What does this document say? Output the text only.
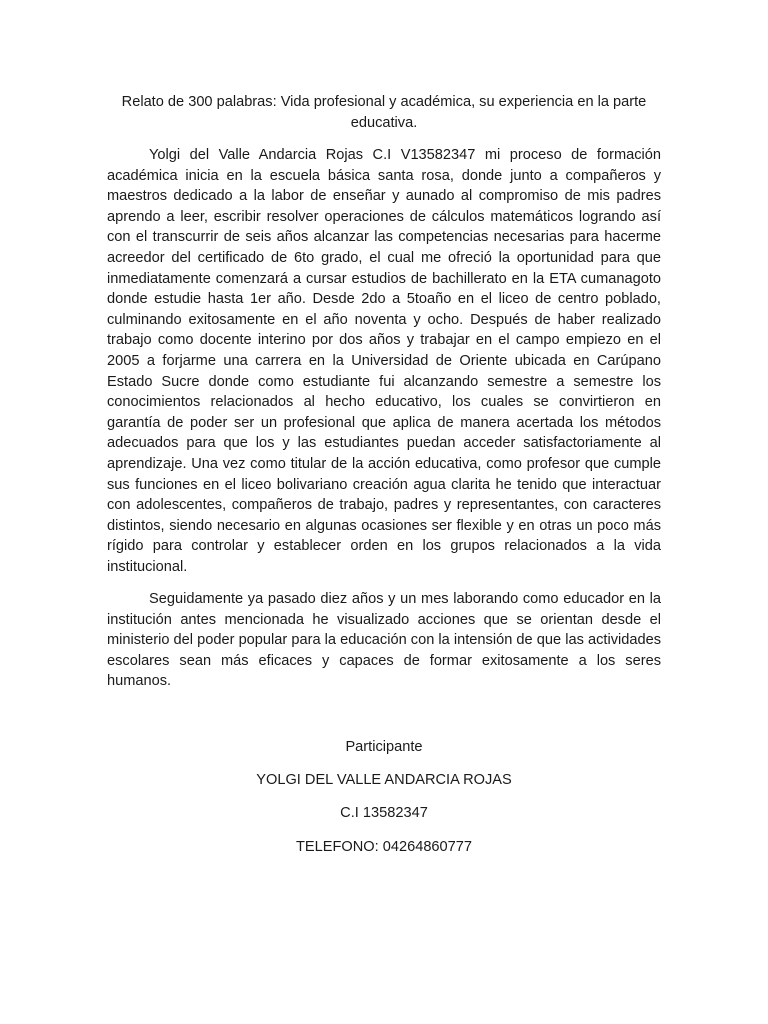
Relato de 300 palabras: Vida profesional y académica, su experiencia en la parte educativa.

Yolgi del Valle Andarcia Rojas C.I V13582347 mi proceso de formación académica inicia en la escuela básica santa rosa, donde junto a compañeros y maestros dedicado a la labor de enseñar y aunado al compromiso de mis padres aprendo a leer, escribir resolver operaciones de cálculos matemáticos logrando así con el transcurrir de seis años alcanzar las competencias necesarias para hacerme acreedor del certificado de 6to grado, el cual me ofreció la oportunidad para que inmediatamente comenzará a cursar estudios de bachillerato en la ETA cumanagoto donde estudie hasta 1er año. Desde 2do a 5toaño en el liceo de centro poblado, culminando exitosamente en el año noventa y ocho. Después de haber realizado trabajo como docente interino por dos años y trabajar en el campo empiezo en el 2005 a forjarme una carrera en la Universidad de Oriente ubicada en Carúpano Estado Sucre donde como estudiante fui alcanzando semestre a semestre los conocimientos relacionados al hecho educativo, los cuales se convirtieron en garantía de poder ser un profesional que aplica de manera acertada los métodos adecuados para que los y las estudiantes puedan acceder satisfactoriamente al aprendizaje. Una vez como titular de la acción educativa, como profesor que cumple sus funciones en el liceo bolivariano creación agua clarita he tenido que interactuar con adolescentes, compañeros de trabajo, padres y representantes, con caracteres distintos, siendo necesario en algunas ocasiones ser flexible y en otras un poco más rígido para controlar y establecer orden en los grupos relacionados a la vida institucional.

Seguidamente ya pasado diez años y un mes laborando como educador en la institución antes mencionada he visualizado acciones que se orientan desde el ministerio del poder popular para la educación con la intensión de que las actividades escolares sean más eficaces y capaces de formar exitosamente a los seres humanos.

Participante

YOLGI DEL VALLE ANDARCIA ROJAS

C.I 13582347

TELEFONO: 04264860777
